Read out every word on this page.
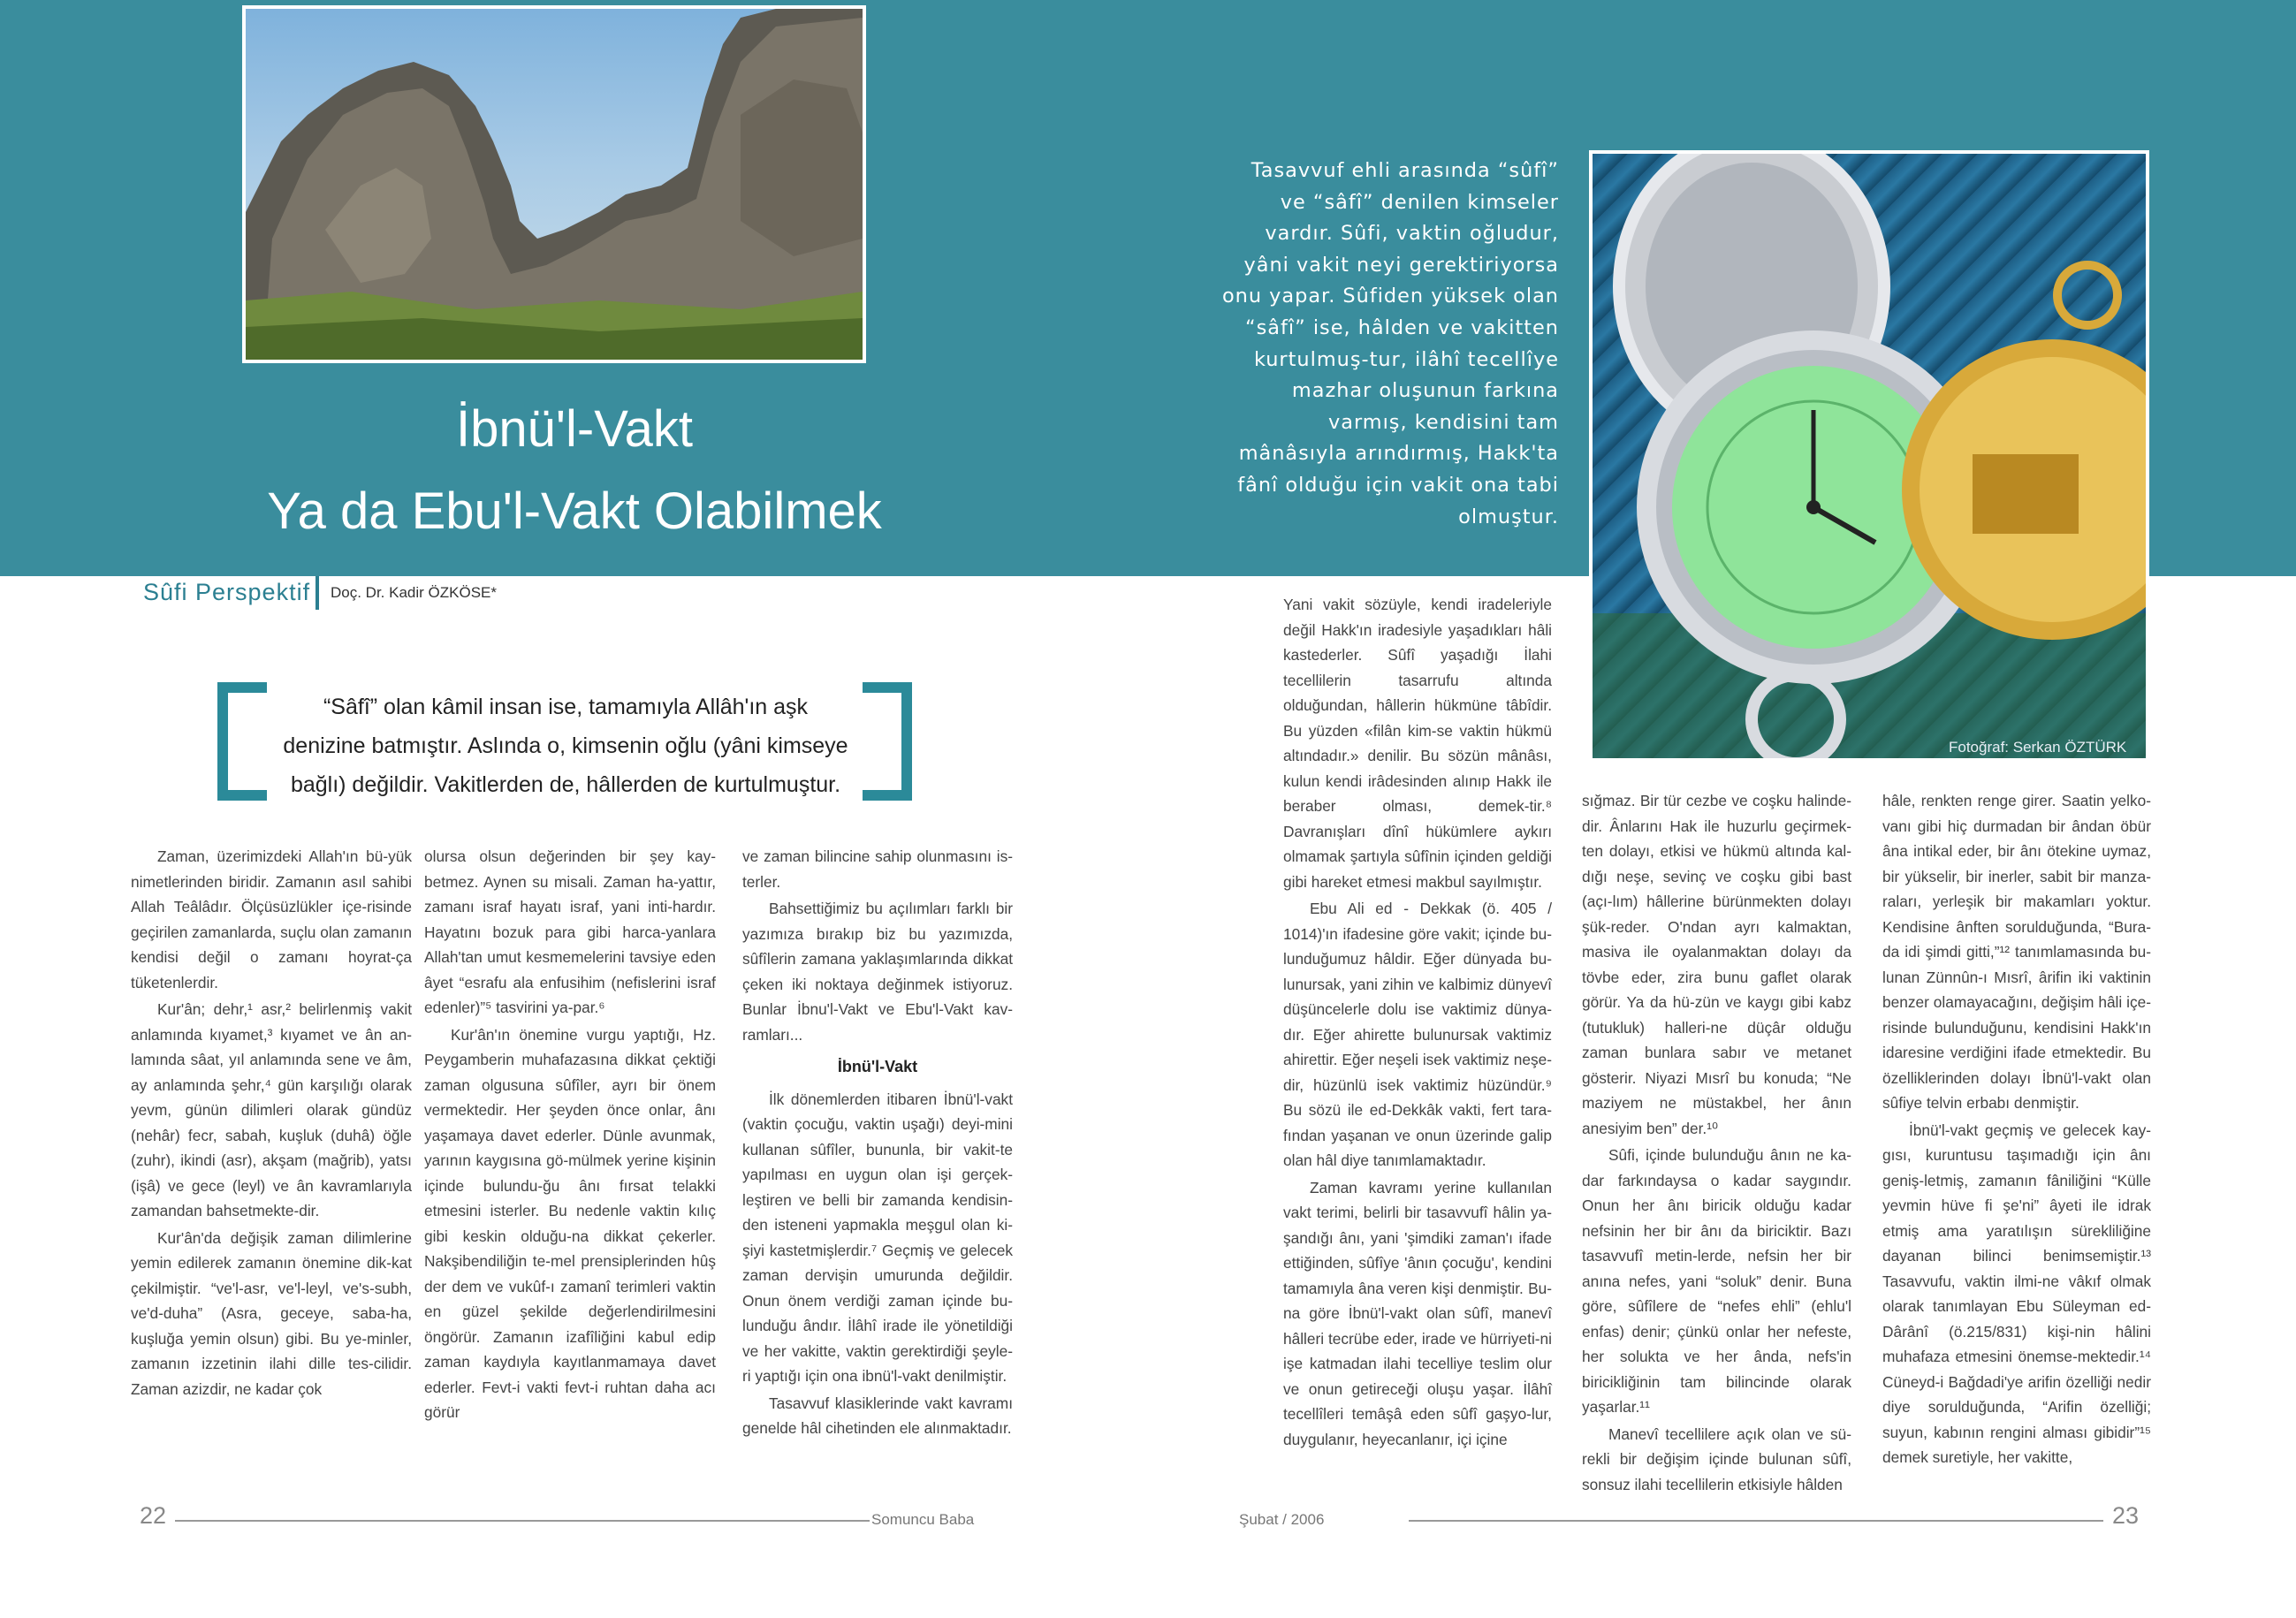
İbnü'l-Vakt
Ya da Ebu'l-Vakt Olabilmek

Tasavvuf ehli arasında “sûfî” ve “sâfî” denilen kimseler vardır. Sûfi, vaktin oğludur, yâni vakit neyi gerektiriyorsa onu yapar. Sûfiden yüksek olan “sâfî” ise, hâlden ve vakitten kurtulmuş-tur, ilâhî tecellîye mazhar oluşunun farkına varmış, kendisini tam mânâsıyla arındırmış, Hakk'ta fânî olduğu için vakit ona tabi olmuştur.

Fotoğraf: Serkan ÖZTÜRK
Sûfi Perspektif Doç. Dr. Kadir ÖZKÖSE*

“Sâfî” olan kâmil insan ise, tamamıyla Allâh'ın aşk denizine batmıştır. Aslında o, kimsenin oğlu (yâni kimseye bağlı) değildir. Vakitlerden de, hâllerden de kurtulmuştur.

Zaman, üzerimizdeki Allah'ın bü-yük nimetlerinden biridir. Zamanın asıl sahibi Allah Teâlâdır. Ölçüsüzlükler içe-risinde geçirilen zamanlarda, suçlu olan zamanın kendisi değil o zamanı hoyrat-ça tüketenlerdir.

Kur'ân; dehr,¹ asr,² belirlenmiş vakit anlamında kıyamet,³ kıyamet ve ân an-lamında sâat, yıl anlamında sene ve âm, ay anlamında şehr,⁴ gün karşılığı olarak yevm, günün dilimleri olarak gündüz (nehâr) fecr, sabah, kuşluk (duhâ) öğle (zuhr), ikindi (asr), akşam (mağrib), yatsı (işâ) ve gece (leyl) ve ân kavramlarıyla zamandan bahsetmekte-dir.

Kur'ân'da değişik zaman dilimlerine yemin edilerek zamanın önemine dik-kat çekilmiştir. “ve'l-asr, ve'l-leyl, ve's-subh, ve'd-duha” (Asra, geceye, saba-ha, kuşluğa yemin olsun) gibi. Bu ye-minler, zamanın izzetinin ilahi dille tes-cilidir. Zaman azizdir, ne kadar çok

olursa olsun değerinden bir şey kay-betmez. Aynen su misali. Zaman ha-yattır, zamanı israf hayatı israf, yani inti-hardır. Hayatını bozuk para gibi harca-yanlara Allah'tan umut kesmemelerini tavsiye eden âyet “esrafu ala enfusihim (nefislerini israf edenler)”⁵ tasvirini ya-par.⁶

Kur'ân'ın önemine vurgu yaptığı, Hz. Peygamberin muhafazasına dikkat çektiği zaman olgusuna sûfîler, ayrı bir önem vermektedir. Her şeyden önce onlar, ânı yaşamaya davet ederler. Dünle avunmak, yarının kaygısına gö-mülmek yerine kişinin içinde bulundu-ğu ânı fırsat telakki etmesini isterler. Bu nedenle vaktin kılıç gibi keskin olduğu-na dikkat çekerler. Nakşibendiliğin te-mel prensiplerinden hûş der dem ve vukûf-ı zamanî terimleri vaktin en güzel şekilde değerlendirilmesini öngörür. Zamanın izafîliğini kabul edip zaman kaydıyla kayıtlanmamaya davet ederler. Fevt-i vakti fevt-i ruhtan daha acı görür

ve zaman bilincine sahip olunmasını is-terler.

Bahsettiğimiz bu açılımları farklı bir yazımıza bırakıp biz bu yazımızda, sûfîlerin zamana yaklaşımlarında dikkat çeken iki noktaya değinmek istiyoruz. Bunlar İbnu'l-Vakt ve Ebu'l-Vakt kav-ramları...

İbnü'l-Vakt

İlk dönemlerden itibaren İbnü'l-vakt (vaktin çocuğu, vaktin uşağı) deyi-mini kullanan sûfîler, bununla, bir vakit-te yapılması en uygun olan işi gerçek-leştiren ve belli bir zamanda kendisin-den isteneni yapmakla meşgul olan ki-şiyi kastetmişlerdir.⁷ Geçmiş ve gelecek zaman dervişin umurunda değildir. Onun önem verdiği zaman içinde bu-lunduğu ândır. İlâhî irade ile yönetildiği ve her vakitte, vaktin gerektirdiği şeyle-ri yaptığı için ona ibnü'l-vakt denilmiştir.

Tasavvuf klasiklerinde vakt kavramı genelde hâl cihetinden ele alınmaktadır.

Yani vakit sözüyle, kendi iradeleriyle değil Hakk'ın iradesiyle yaşadıkları hâli kastederler. Sûfî yaşadığı İlahi tecellilerin tasarrufu altında olduğundan, hâllerin hükmüne tâbîdir. Bu yüzden «filân kim-se vaktin hükmü altındadır.» denilir. Bu sözün mânâsı, kulun kendi irâdesinden alınıp Hakk ile beraber olması, demek-tir.⁸ Davranışları dînî hükümlere aykırı olmamak şartıyla sûfînin içinden geldiği gibi hareket etmesi makbul sayılmıştır.

Ebu Ali ed - Dekkak (ö. 405 / 1014)'ın ifadesine göre vakit; içinde bu-lunduğumuz hâldir. Eğer dünyada bu-lunursak, yani zihin ve kalbimiz dünyevî düşüncelerle dolu ise vaktimiz dünya-dır. Eğer ahirette bulunursak vaktimiz ahirettir. Eğer neşeli isek vaktimiz neşe-dir, hüzünlü isek vaktimiz hüzündür.⁹ Bu sözü ile ed-Dekkâk vakti, fert tara-fından yaşanan ve onun üzerinde galip olan hâl diye tanımlamaktadır.

Zaman kavramı yerine kullanılan vakt terimi, belirli bir tasavvufî hâlin ya-şandığı ânı, yani 'şimdiki zaman'ı ifade ettiğinden, sûfîye 'ânın çocuğu', kendini tamamıyla âna veren kişi denmiştir. Bu-na göre İbnü'l-vakt olan sûfî, manevî hâlleri tecrübe eder, irade ve hürriyeti-ni işe katmadan ilahi tecelliye teslim olur ve onun getireceği oluşu yaşar. İlâhî tecellîleri temâşâ eden sûfî gaşyo-lur, duygulanır, heyecanlanır, içi içine

sığmaz. Bir tür cezbe ve coşku halinde-dir. Ânlarını Hak ile huzurlu geçirmek-ten dolayı, etkisi ve hükmü altında kal-dığı neşe, sevinç ve coşku gibi bast (açı-lım) hâllerine bürünmekten dolayı şük-reder. O'ndan ayrı kalmaktan, masiva ile oyalanmaktan dolayı da tövbe eder, zira bunu gaflet olarak görür. Ya da hü-zün ve kaygı gibi kabz (tutukluk) halleri-ne düçâr olduğu zaman bunlara sabır ve metanet gösterir. Niyazi Mısrî bu konuda; “Ne maziyem ne müstakbel, her ânın anesiyim ben” der.¹⁰

Sûfi, içinde bulunduğu ânın ne ka-dar farkındaysa o kadar saygındır. Onun her ânı biricik olduğu kadar nefsinin her bir ânı da biriciktir. Bazı tasavvufî metin-lerde, nefsin her bir anına nefes, yani “soluk” denir. Buna göre, sûfîlere de “nefes ehli” (ehlu'l enfas) denir; çünkü onlar her nefeste, her solukta ve her ânda, nefs'in biricikliğinin tam bilincinde olarak yaşarlar.¹¹

Manevî tecellilere açık olan ve sü-rekli bir değişim içinde bulunan sûfî, sonsuz ilahi tecellilerin etkisiyle hâlden

hâle, renkten renge girer. Saatin yelko-vanı gibi hiç durmadan bir ândan öbür âna intikal eder, bir ânı ötekine uymaz, bir yükselir, bir inerler, sabit bir manza-raları, yerleşik bir makamları yoktur. Kendisine ânften sorulduğunda, “Bura-da idi şimdi gitti,”¹² tanımlamasında bu-lunan Zünnûn-ı Mısrî, ârifin iki vaktinin benzer olamayacağını, değişim hâli içe-risinde bulunduğunu, kendisini Hakk'ın idaresine verdiğini ifade etmektedir. Bu özelliklerinden dolayı İbnü'l-vakt olan sûfiye telvin erbabı denmiştir.

İbnü'l-vakt geçmiş ve gelecek kay-gısı, kuruntusu taşımadığı için ânı geniş-letmiş, zamanın fâniliğini “Külle yevmin hüve fi şe'ni” âyeti ile idrak etmiş ama yaratılışın sürekliliğine dayanan bilinci benimsemiştir.¹³ Tasavvufu, vaktin ilmi-ne vâkıf olmak olarak tanımlayan Ebu Süleyman ed-Dârânî (ö.215/831) kişi-nin hâlini muhafaza etmesini önemse-mektedir.¹⁴ Cüneyd-i Bağdadi'ye arifin özelliği nedir diye sorulduğunda, “Arifin özelliği; suyun, kabının rengini alması gibidir”¹⁵ demek suretiyle, her vakitte,

22	Somuncu Baba	Şubat / 2006	23
